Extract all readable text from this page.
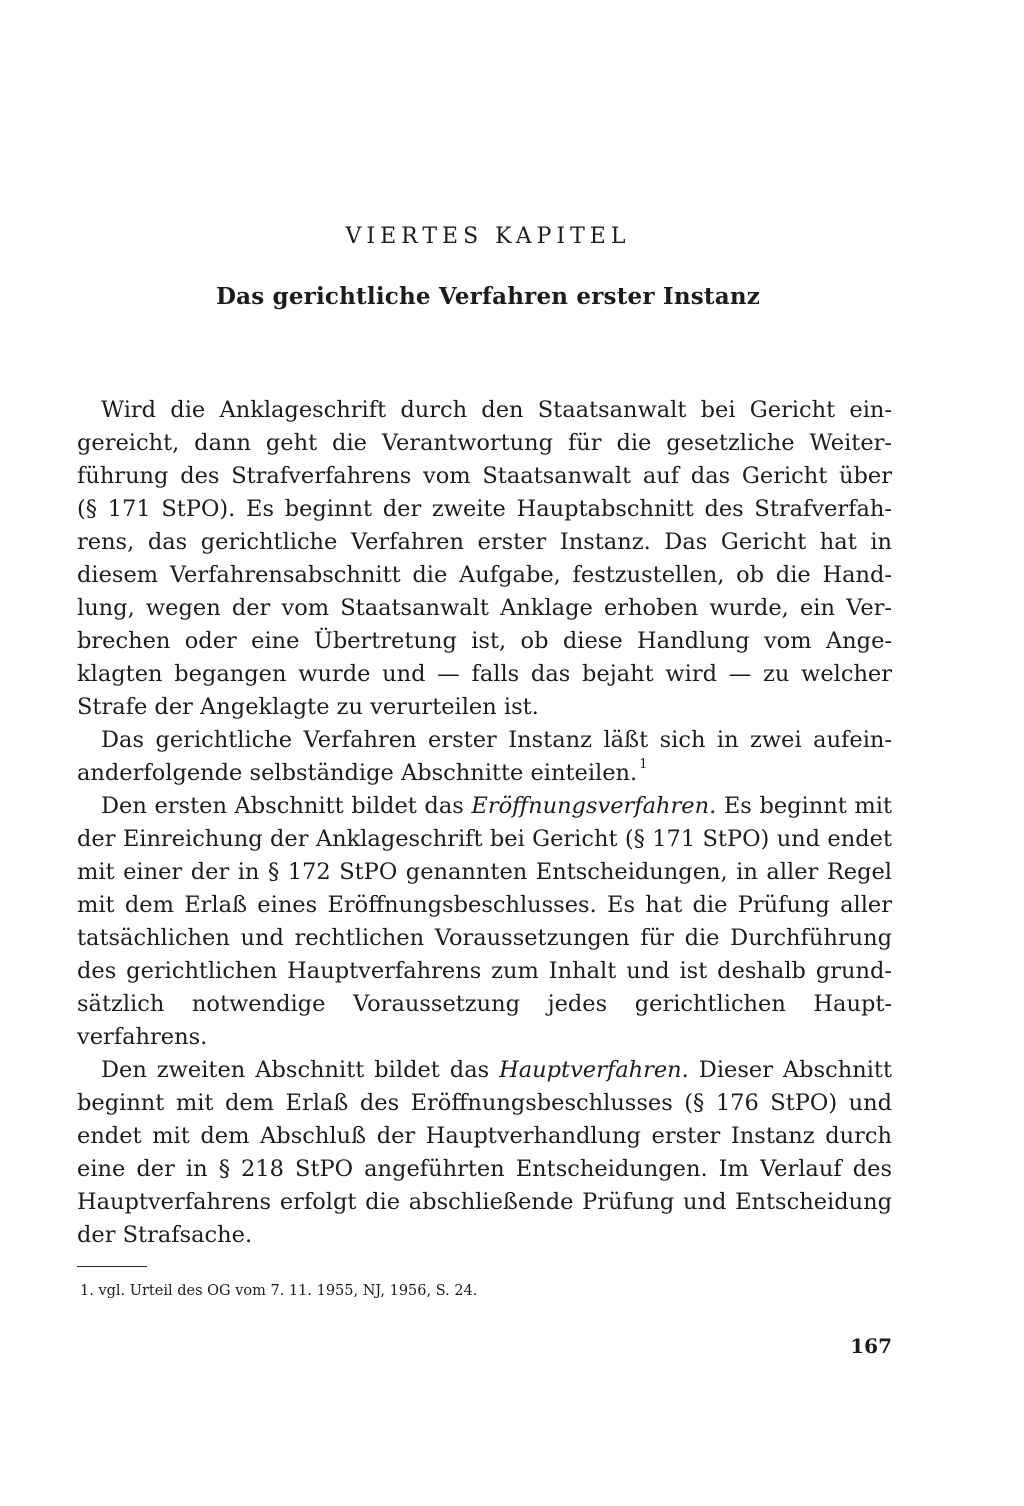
VIERTES KAPITEL
Das gerichtliche Verfahren erster Instanz
Wird die Anklageschrift durch den Staatsanwalt bei Gericht ein-
gereicht, dann geht die Verantwortung für die gesetzliche Weiter-
führung des Strafverfahrens vom Staatsanwalt auf das Gericht über
(§ 171 StPO). Es beginnt der zweite Hauptabschnitt des Strafverfah-
rens, das gerichtliche Verfahren erster Instanz. Das Gericht hat in
diesem Verfahrensabschnitt die Aufgabe, festzustellen, ob die Hand-
lung, wegen der vom Staatsanwalt Anklage erhoben wurde, ein Ver-
brechen oder eine Übertretung ist, ob diese Handlung vom Ange-
klagten begangen wurde und — falls das bejaht wird — zu welcher
Strafe der Angeklagte zu verurteilen ist.
Das gerichtliche Verfahren erster Instanz läßt sich in zwei aufein-
anderfolgende selbständige Abschnitte einteilen. $^1$
Den ersten Abschnitt bildet das Eröffnungsverfahren. Es beginnt mit
der Einreichung der Anklageschrift bei Gericht (§ 171 StPO) und endet
mit einer der in § 172 StPO genannten Entscheidungen, in aller Regel
mit dem Erlaß eines Eröffnungsbeschlusses. Es hat die Prüfung aller
tatsächlichen und rechtlichen Voraussetzungen für die Durchführung
des gerichtlichen Hauptverfahrens zum Inhalt und ist deshalb grund-
sätzlich notwendige Voraussetzung jedes gerichtlichen Haupt-
verfahrens.
Den zweiten Abschnitt bildet das Hauptverfahren. Dieser Abschnitt
beginnt mit dem Erlaß des Eröffnungsbeschlusses (§ 176 StPO) und
endet mit dem Abschluß der Hauptverhandlung erster Instanz durch
eine der in § 218 StPO angeführten Entscheidungen. Im Verlauf des
Hauptverfahrens erfolgt die abschließende Prüfung und Entscheidung
der Strafsache.
1. vgl. Urteil des OG vom 7. 11. 1955, NJ, 1956, S. 24.
167
